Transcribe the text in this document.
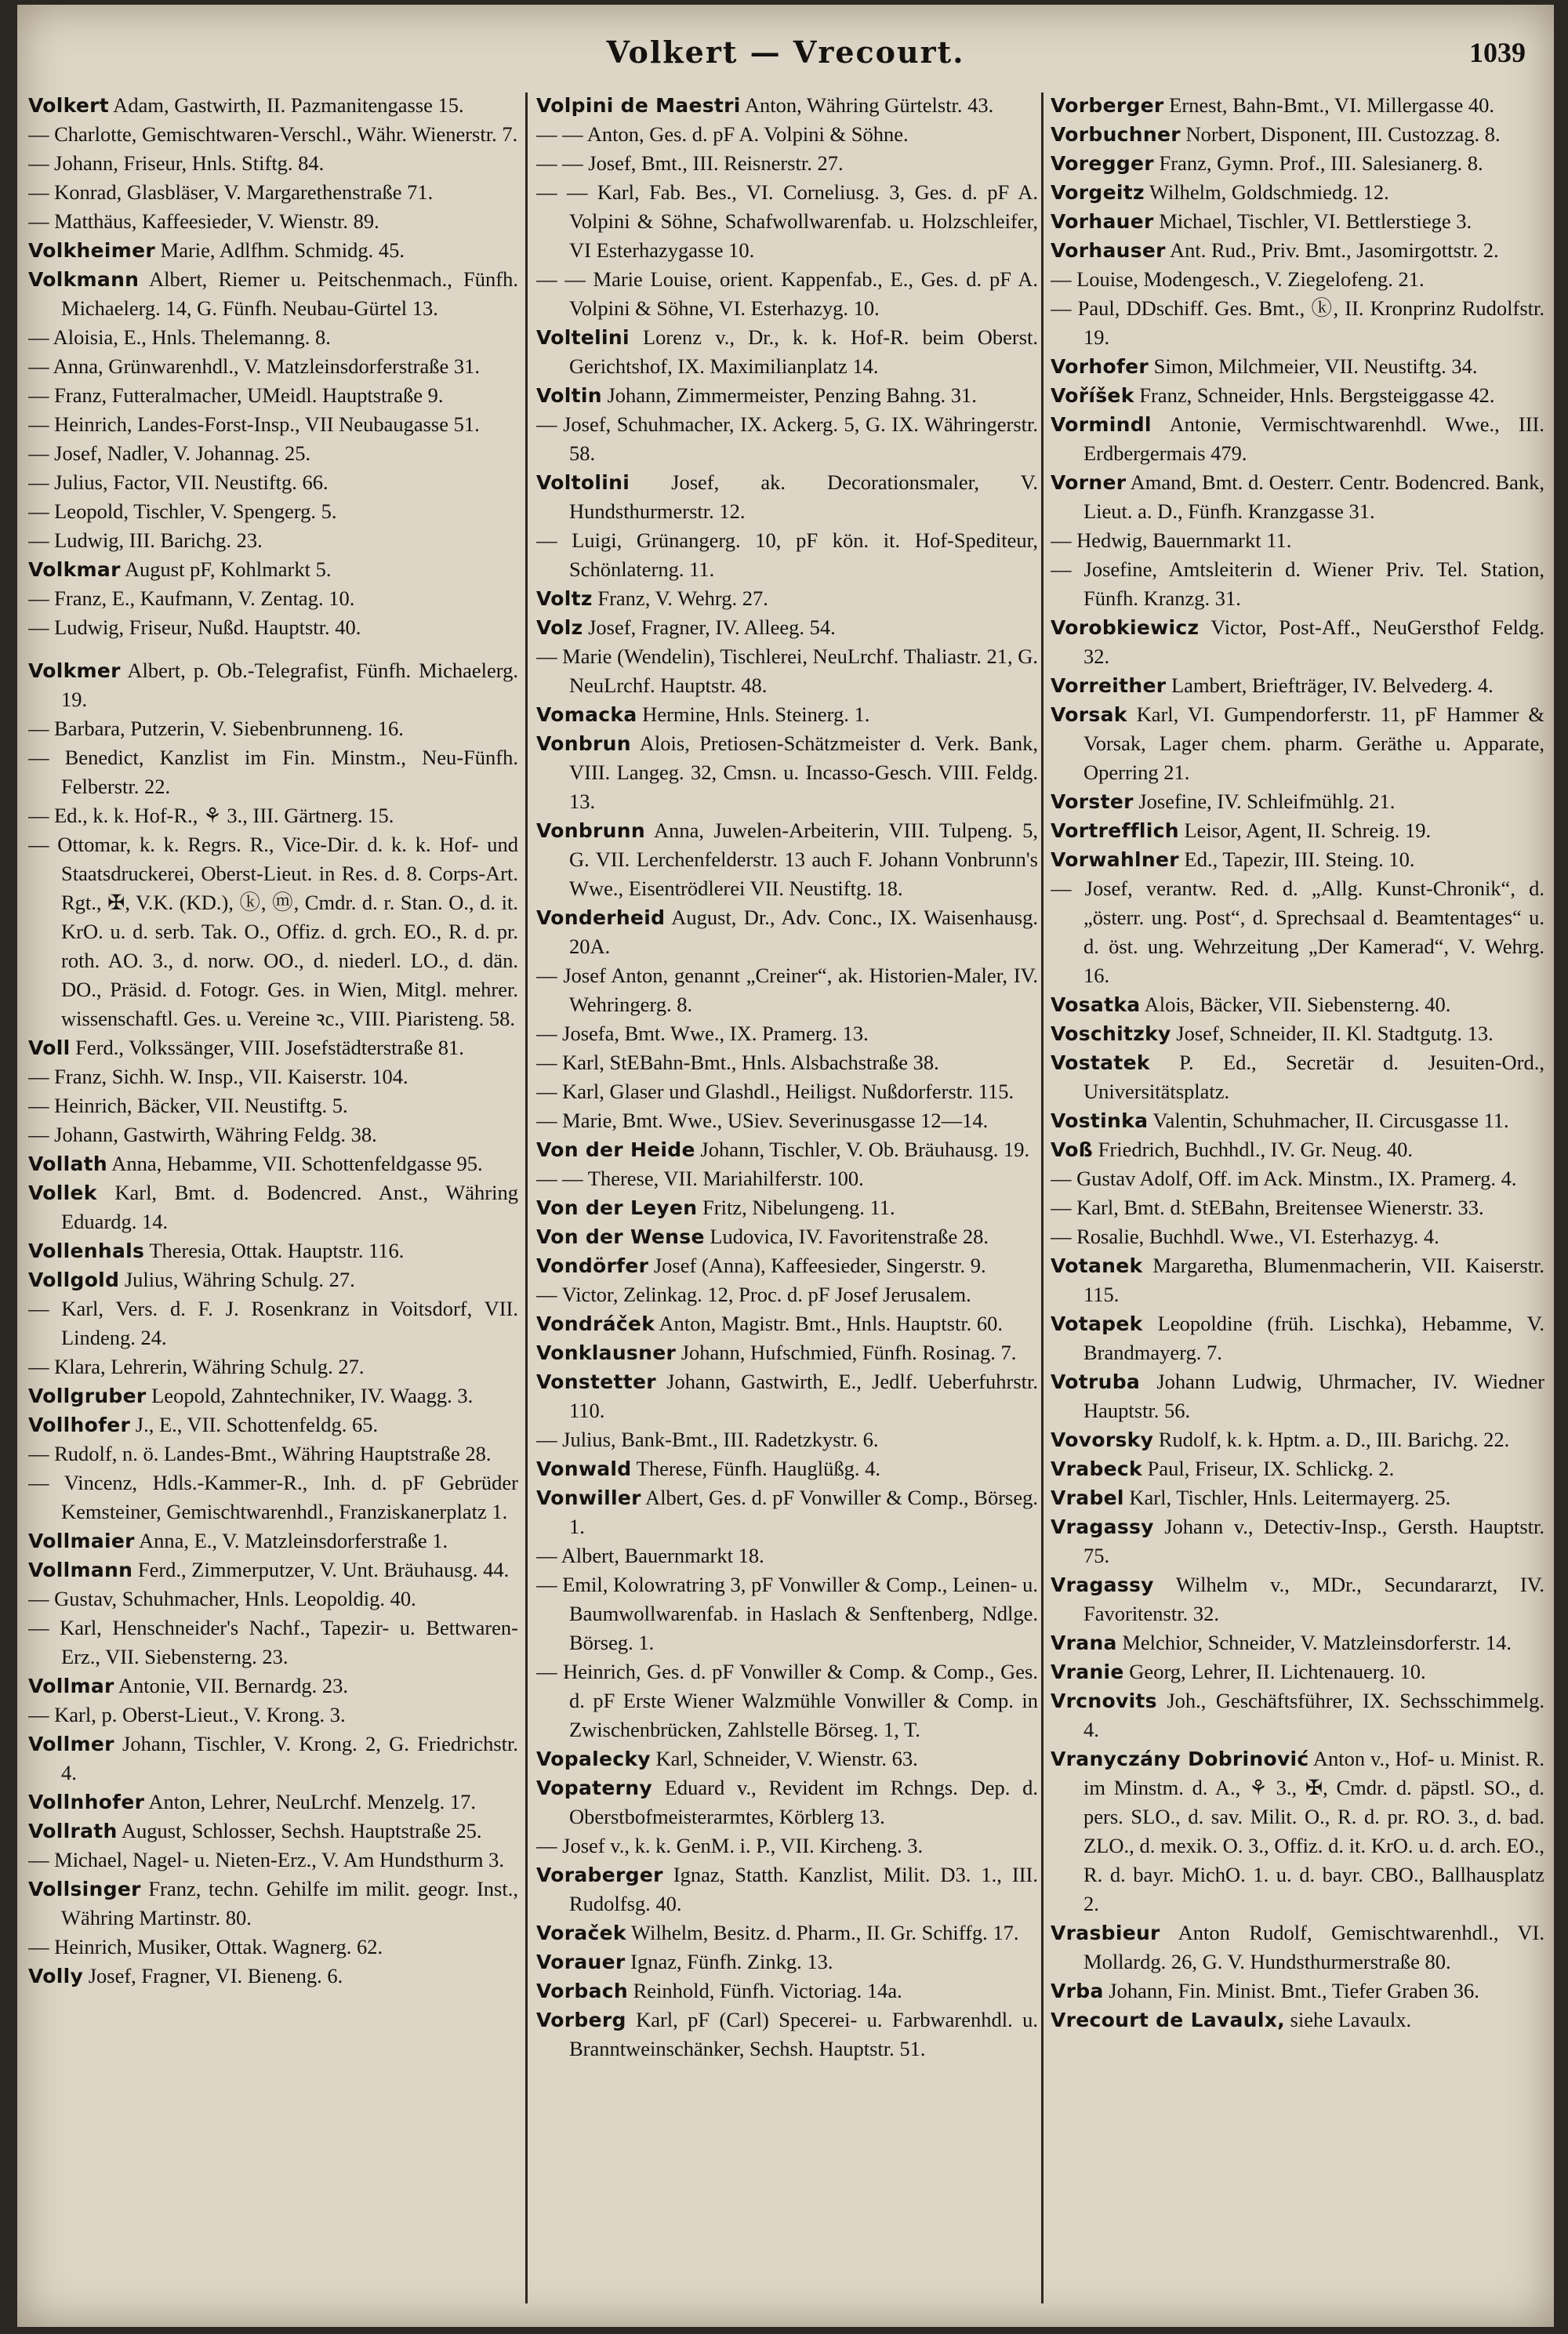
Volkert — Vrecourt.	1039

Volkert Adam, Gastwirth, II. Pazmanitengasse 15.

— Charlotte, Gemischtwaren-Verschl., Währ. Wienerstr. 7.

— Johann, Friseur, Hnls. Stiftg. 84.

— Konrad, Glasbläser, V. Margarethenstraße 71.

— Matthäus, Kaffeesieder, V. Wienstr. 89.

Volkheimer Marie, Adlfhm. Schmidg. 45.

Volkmann Albert, Riemer u. Peitschenmach., Fünfh. Michaelerg. 14, G. Fünfh. Neubau-Gürtel 13.

— Aloisia, E., Hnls. Thelemanng. 8.

— Anna, Grünwarenhdl., V. Matzleinsdorferstraße 31.

— Franz, Futteralmacher, UMeidl. Hauptstraße 9.

— Heinrich, Landes-Forst-Insp., VII Neubaugasse 51.

— Josef, Nadler, V. Johannag. 25.

— Julius, Factor, VII. Neustiftg. 66.

— Leopold, Tischler, V. Spengerg. 5.

— Ludwig, III. Barichg. 23.

Volkmar August pF, Kohlmarkt 5.

— Franz, E., Kaufmann, V. Zentag. 10.

— Ludwig, Friseur, Nußd. Hauptstr. 40.

Volkmer Albert, p. Ob.-Telegrafist, Fünfh. Michaelerg. 19.

— Barbara, Putzerin, V. Siebenbrunneng. 16.

— Benedict, Kanzlist im Fin. Minstm., Neu-Fünfh. Felberstr. 22.

— Ed., k. k. Hof-R., ⚘ 3., III. Gärtnerg. 15.

— Ottomar, k. k. Regrs. R., Vice-Dir. d. k. k. Hof- und Staatsdruckerei, Oberst-Lieut. in Res. d. 8. Corps-Art. Rgt., ✠, V.K. (KD.), ⓚ, ⓜ, Cmdr. d. r. Stan. O., d. it. KrO. u. d. serb. Tak. O., Offiz. d. grch. EO., R. d. pr. roth. AO. 3., d. norw. OO., d. niederl. LO., d. dän. DO., Präsid. d. Fotogr. Ges. in Wien, Mitgl. mehrer. wissenschaftl. Ges. u. Vereine ꝛc., VIII. Piaristeng. 58.

Voll Ferd., Volkssänger, VIII. Josefstädterstraße 81.

— Franz, Sichh. W. Insp., VII. Kaiserstr. 104.

— Heinrich, Bäcker, VII. Neustiftg. 5.

— Johann, Gastwirth, Währing Feldg. 38.

Vollath Anna, Hebamme, VII. Schottenfeldgasse 95.

Vollek Karl, Bmt. d. Bodencred. Anst., Währing Eduardg. 14.

Vollenhals Theresia, Ottak. Hauptstr. 116.

Vollgold Julius, Währing Schulg. 27.

— Karl, Vers. d. F. J. Rosenkranz in Voitsdorf, VII. Lindeng. 24.

— Klara, Lehrerin, Währing Schulg. 27.

Vollgruber Leopold, Zahntechniker, IV. Waagg. 3.

Vollhofer J., E., VII. Schottenfeldg. 65.

— Rudolf, n. ö. Landes-Bmt., Währing Hauptstraße 28.

— Vincenz, Hdls.-Kammer-R., Inh. d. pF Gebrüder Kemsteiner, Gemischtwarenhdl., Franziskanerplatz 1.

Vollmaier Anna, E., V. Matzleinsdorferstraße 1.

Vollmann Ferd., Zimmerputzer, V. Unt. Bräuhausg. 44.

— Gustav, Schuhmacher, Hnls. Leopoldig. 40.

— Karl, Henschneider's Nachf., Tapezir- u. Bettwaren-Erz., VII. Siebensterng. 23.

Vollmar Antonie, VII. Bernardg. 23.

— Karl, p. Oberst-Lieut., V. Krong. 3.

Vollmer Johann, Tischler, V. Krong. 2, G. Friedrichstr. 4.

Vollnhofer Anton, Lehrer, NeuLrchf. Menzelg. 17.

Vollrath August, Schlosser, Sechsh. Hauptstraße 25.

— Michael, Nagel- u. Nieten-Erz., V. Am Hundsthurm 3.

Vollsinger Franz, techn. Gehilfe im milit. geogr. Inst., Währing Martinstr. 80.

— Heinrich, Musiker, Ottak. Wagnerg. 62.

Volly Josef, Fragner, VI. Bieneng. 6.

Volpini de Maestri Anton, Währing Gürtelstr. 43.

— — Anton, Ges. d. pF A. Volpini & Söhne.

— — Josef, Bmt., III. Reisnerstr. 27.

— — Karl, Fab. Bes., VI. Corneliusg. 3, Ges. d. pF A. Volpini & Söhne, Schafwollwarenfab. u. Holzschleifer, VI Esterhazygasse 10.

— — Marie Louise, orient. Kappenfab., E., Ges. d. pF A. Volpini & Söhne, VI. Esterhazyg. 10.

Voltelini Lorenz v., Dr., k. k. Hof-R. beim Oberst. Gerichtshof, IX. Maximilianplatz 14.

Voltin Johann, Zimmermeister, Penzing Bahng. 31.

— Josef, Schuhmacher, IX. Ackerg. 5, G. IX. Währingerstr. 58.

Voltolini Josef, ak. Decorationsmaler, V. Hundsthurmerstr. 12.

— Luigi, Grünangerg. 10, pF kön. it. Hof-Spediteur, Schönlaterng. 11.

Voltz Franz, V. Wehrg. 27.

Volz Josef, Fragner, IV. Alleeg. 54.

— Marie (Wendelin), Tischlerei, NeuLrchf. Thaliastr. 21, G. NeuLrchf. Hauptstr. 48.

Vomacka Hermine, Hnls. Steinerg. 1.

Vonbrun Alois, Pretiosen-Schätzmeister d. Verk. Bank, VIII. Langeg. 32, Cmsn. u. Incasso-Gesch. VIII. Feldg. 13.

Vonbrunn Anna, Juwelen-Arbeiterin, VIII. Tulpeng. 5, G. VII. Lerchenfelderstr. 13 auch F. Johann Vonbrunn's Wwe., Eisentrödlerei VII. Neustiftg. 18.

Vonderheid August, Dr., Adv. Conc., IX. Waisenhausg. 20A.

— Josef Anton, genannt „Creiner“, ak. Historien-Maler, IV. Wehringerg. 8.

— Josefa, Bmt. Wwe., IX. Pramerg. 13.

— Karl, StEBahn-Bmt., Hnls. Alsbachstraße 38.

— Karl, Glaser und Glashdl., Heiligst. Nußdorferstr. 115.

— Marie, Bmt. Wwe., USiev. Severinusgasse 12—14.

Von der Heide Johann, Tischler, V. Ob. Bräuhausg. 19.

— — Therese, VII. Mariahilferstr. 100.

Von der Leyen Fritz, Nibelungeng. 11.

Von der Wense Ludovica, IV. Favoritenstraße 28.

Vondörfer Josef (Anna), Kaffeesieder, Singerstr. 9.

— Victor, Zelinkag. 12, Proc. d. pF Josef Jerusalem.

Vondráček Anton, Magistr. Bmt., Hnls. Hauptstr. 60.

Vonklausner Johann, Hufschmied, Fünfh. Rosinag. 7.

Vonstetter Johann, Gastwirth, E., Jedlf. Ueberfuhrstr. 110.

— Julius, Bank-Bmt., III. Radetzkystr. 6.

Vonwald Therese, Fünfh. Hauglüßg. 4.

Vonwiller Albert, Ges. d. pF Vonwiller & Comp., Börseg. 1.

— Albert, Bauernmarkt 18.

— Emil, Kolowratring 3, pF Vonwiller & Comp., Leinen- u. Baumwollwarenfab. in Haslach & Senftenberg, Ndlge. Börseg. 1.

— Heinrich, Ges. d. pF Vonwiller & Comp. & Comp., Ges. d. pF Erste Wiener Walzmühle Vonwiller & Comp. in Zwischenbrücken, Zahlstelle Börseg. 1, T.

Vopalecky Karl, Schneider, V. Wienstr. 63.

Vopaterny Eduard v., Revident im Rchngs. Dep. d. Oberstbofmeisterarmtes, Körblerg 13.

— Josef v., k. k. GenM. i. P., VII. Kircheng. 3.

Voraberger Ignaz, Statth. Kanzlist, Milit. D3. 1., III. Rudolfsg. 40.

Voraček Wilhelm, Besitz. d. Pharm., II. Gr. Schiffg. 17.

Vorauer Ignaz, Fünfh. Zinkg. 13.

Vorbach Reinhold, Fünfh. Victoriag. 14a.

Vorberg Karl, pF (Carl) Specerei- u. Farbwarenhdl. u. Branntweinschänker, Sechsh. Hauptstr. 51.

Vorberger Ernest, Bahn-Bmt., VI. Millergasse 40.

Vorbuchner Norbert, Disponent, III. Custozzag. 8.

Voregger Franz, Gymn. Prof., III. Salesianerg. 8.

Vorgeitz Wilhelm, Goldschmiedg. 12.

Vorhauer Michael, Tischler, VI. Bettlerstiege 3.

Vorhauser Ant. Rud., Priv. Bmt., Jasomirgottstr. 2.

— Louise, Modengesch., V. Ziegelofeng. 21.

— Paul, DDschiff. Ges. Bmt., ⓚ, II. Kronprinz Rudolfstr. 19.

Vorhofer Simon, Milchmeier, VII. Neustiftg. 34.

Voříšek Franz, Schneider, Hnls. Bergsteiggasse 42.

Vormindl Antonie, Vermischtwarenhdl. Wwe., III. Erdbergermais 479.

Vorner Amand, Bmt. d. Oesterr. Centr. Bodencred. Bank, Lieut. a. D., Fünfh. Kranzgasse 31.

— Hedwig, Bauernmarkt 11.

— Josefine, Amtsleiterin d. Wiener Priv. Tel. Station, Fünfh. Kranzg. 31.

Vorobkiewicz Victor, Post-Aff., NeuGersthof Feldg. 32.

Vorreither Lambert, Briefträger, IV. Belvederg. 4.

Vorsak Karl, VI. Gumpendorferstr. 11, pF Hammer & Vorsak, Lager chem. pharm. Geräthe u. Apparate, Operring 21.

Vorster Josefine, IV. Schleifmühlg. 21.

Vortrefflich Leisor, Agent, II. Schreig. 19.

Vorwahlner Ed., Tapezir, III. Steing. 10.

— Josef, verantw. Red. d. „Allg. Kunst-Chronik“, d. „österr. ung. Post“, d. Sprechsaal d. Beamtentages“ u. d. öst. ung. Wehrzeitung „Der Kamerad“, V. Wehrg. 16.

Vosatka Alois, Bäcker, VII. Siebensterng. 40.

Voschitzky Josef, Schneider, II. Kl. Stadtgutg. 13.

Vostatek P. Ed., Secretär d. Jesuiten-Ord., Universitätsplatz.

Vostinka Valentin, Schuhmacher, II. Circusgasse 11.

Voß Friedrich, Buchhdl., IV. Gr. Neug. 40.

— Gustav Adolf, Off. im Ack. Minstm., IX. Pramerg. 4.

— Karl, Bmt. d. StEBahn, Breitensee Wienerstr. 33.

— Rosalie, Buchhdl. Wwe., VI. Esterhazyg. 4.

Votanek Margaretha, Blumenmacherin, VII. Kaiserstr. 115.

Votapek Leopoldine (früh. Lischka), Hebamme, V. Brandmayerg. 7.

Votruba Johann Ludwig, Uhrmacher, IV. Wiedner Hauptstr. 56.

Vovorsky Rudolf, k. k. Hptm. a. D., III. Barichg. 22.

Vrabeck Paul, Friseur, IX. Schlickg. 2.

Vrabel Karl, Tischler, Hnls. Leitermayerg. 25.

Vragassy Johann v., Detectiv-Insp., Gersth. Hauptstr. 75.

Vragassy Wilhelm v., MDr., Secundararzt, IV. Favoritenstr. 32.

Vrana Melchior, Schneider, V. Matzleinsdorferstr. 14.

Vranie Georg, Lehrer, II. Lichtenauerg. 10.

Vrcnovits Joh., Geschäftsführer, IX. Sechsschimmelg. 4.

Vranyczány Dobrinović Anton v., Hof- u. Minist. R. im Minstm. d. A., ⚘ 3., ✠, Cmdr. d. päpstl. SO., d. pers. SLO., d. sav. Milit. O., R. d. pr. RO. 3., d. bad. ZLO., d. mexik. O. 3., Offiz. d. it. KrO. u. d. arch. EO., R. d. bayr. MichO. 1. u. d. bayr. CBO., Ballhausplatz 2.

Vrasbieur Anton Rudolf, Gemischtwarenhdl., VI. Mollardg. 26, G. V. Hundsthurmerstraße 80.

Vrba Johann, Fin. Minist. Bmt., Tiefer Graben 36.

Vrecourt de Lavaulx, siehe Lavaulx.
